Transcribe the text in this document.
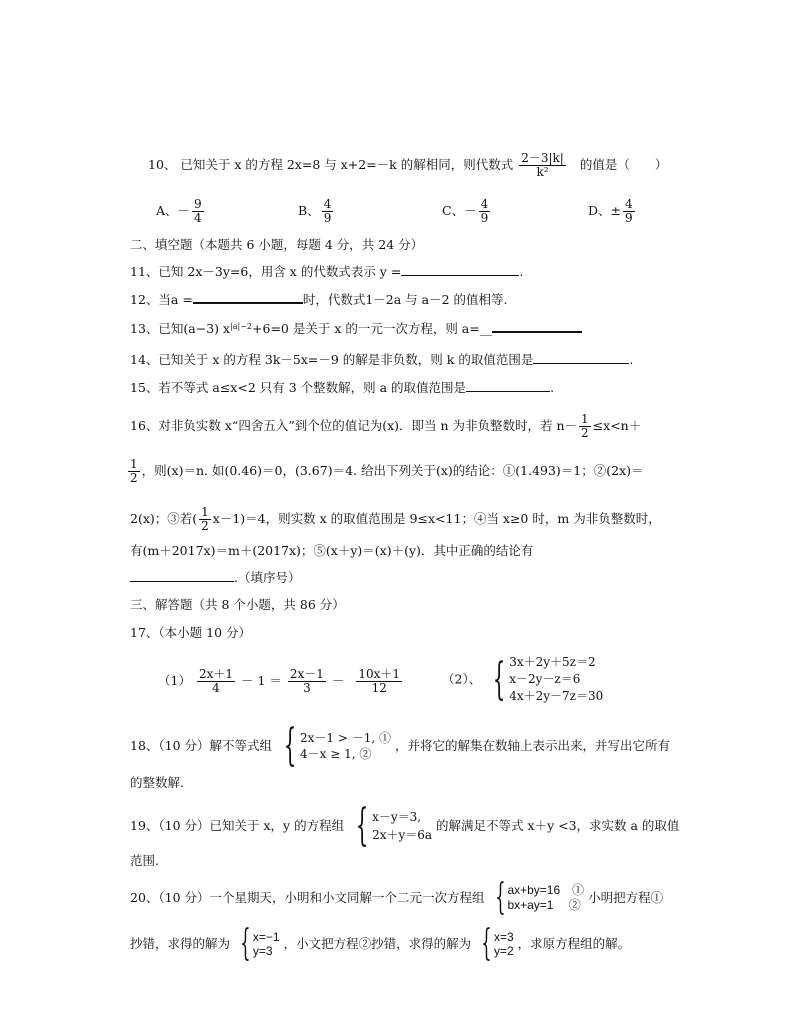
10、 已知关于 x 的方程 2x=8 与 x+2=－k 的解相同，则代数式 $\frac{2-3|k|}{\text{k²}}$ 的值是（　　）
A、－ $\frac{9}{4}$	B、 $\frac{4}{9}$	C、－ $\frac{4}{9}$	D、± $\frac{4}{9}$
二、填空题（本题共 6 小题，每题 4 分，共 24 分）
11、已知 2x－3y=6，用含 x 的代数式表示 y =	.
12、当a =	时，代数式1－2a 与 a－2 的值相等.
13、已知(a−3) $x^{|a|-2}+6=0$ 是关于 x 的一元一次方程，则 a=__
14、已知关于 x 的方程 3k－5x=－9 的解是非负数，则 k 的取值范围是	.
15、若不等式 a≤x<2 只有 3 个整数解，则 a 的取值范围是	.
16、对非负实数 x“四舍五入”到个位的值记为(x)．即当 n 为非负整数时，若 $n- \frac{1}{2} \le x<n+$
$\frac{1}{2}$ ，则(x)＝n. 如(0.46)＝0，(3.67)＝4. 给出下列关于(x)的结论：①(1.493)＝1；②(2x)＝
2(x)；③若( $\frac{1}{2} x-1)=4$，则实数 x 的取值范围是 9≤x<11；④当 x≥0 时，m 为非负整数时，
有(m＋2017x)＝m＋(2017x)；⑤(x＋y)＝(x)＋(y)．其中正确的结论有
.（填序号）
三、解答题（共 8 个小题，共 86 分）
17、（本小题 10 分）
$(1) \frac{2x+1}{4} - 1 = \frac{2x-1}{3} - \frac{10x+1}{12}$	（2）、 { 3x＋2y＋5z＝2
x－2y－z＝6
4x＋2y－7z＝30
18、（10 分）解不等式组 { 2x－1 > －1, ①
4－x ≥ 1, ②
，并将它的解集在数轴上表示出来，并写出它所有
的整数解.
19、（10 分）已知关于 x，y 的方程组 { x－y＝3,
2x＋y＝6a
的解满足不等式 x＋y <3，求实数 a 的取值
范围.
20、（10 分）一个星期天，小明和小文同解一个二元一次方程组 { ax+by=16　①
bx+ay=1　 ② 小明把方程①
抄错，求得的解为 { x=−1
y=3 ，小文把方程②抄错，求得的解为 { x=3
y=2 ，求原方程组的解。
